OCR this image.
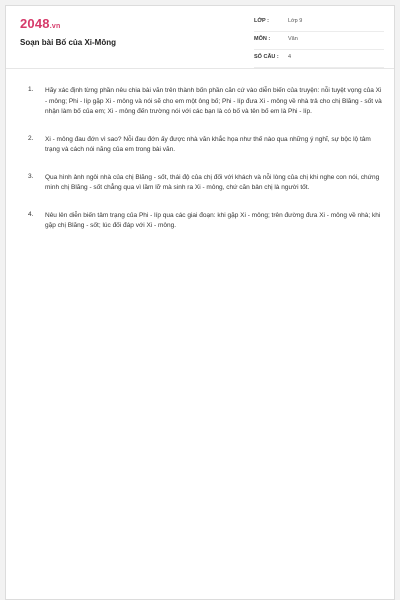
2048.vn
Soạn bài Bố của Xi-Mông
LỚP :	Lớp 9
MÔN :	Văn
SỐ CÂU : 4
1. Hãy xác định từng phần nêu chia bài văn trên thành bốn phần căn cứ vào diễn biến của truyện: nỗi tuyệt vọng của Xi - mông; Phi - líp gặp Xi - mông và nói sẽ cho em một ông bố; Phi - líp đưa Xi - mông về nhà trả cho chị Blăng - sốt và nhận làm bố của em; Xi - mông đến trường nói với các bạn là có bố và tên bố em là Phi - líp.
2. Xi - mông đau đớn vì sao? Nỗi đau đớn ấy được nhà văn khắc họa như thế nào qua những ý nghĩ, sự bộc lộ tâm trạng và cách nói năng của em trong bài văn.
3. Qua hình ảnh ngôi nhà của chị Blăng - sốt, thái độ của chị đối với khách và nỗi lòng của chị khi nghe con nói, chứng minh chị Blăng - sốt chẳng qua vì lầm lỡ mà sinh ra Xi - mông, chứ căn bản chị là người tốt.
4. Nêu lên diễn biến tâm trạng của Phi - líp qua các giai đoạn: khi gặp Xi - mông; trên đường đưa Xi - mông về nhà; khi gặp chị Blăng - sốt; lúc đối đáp với Xi - mông.
